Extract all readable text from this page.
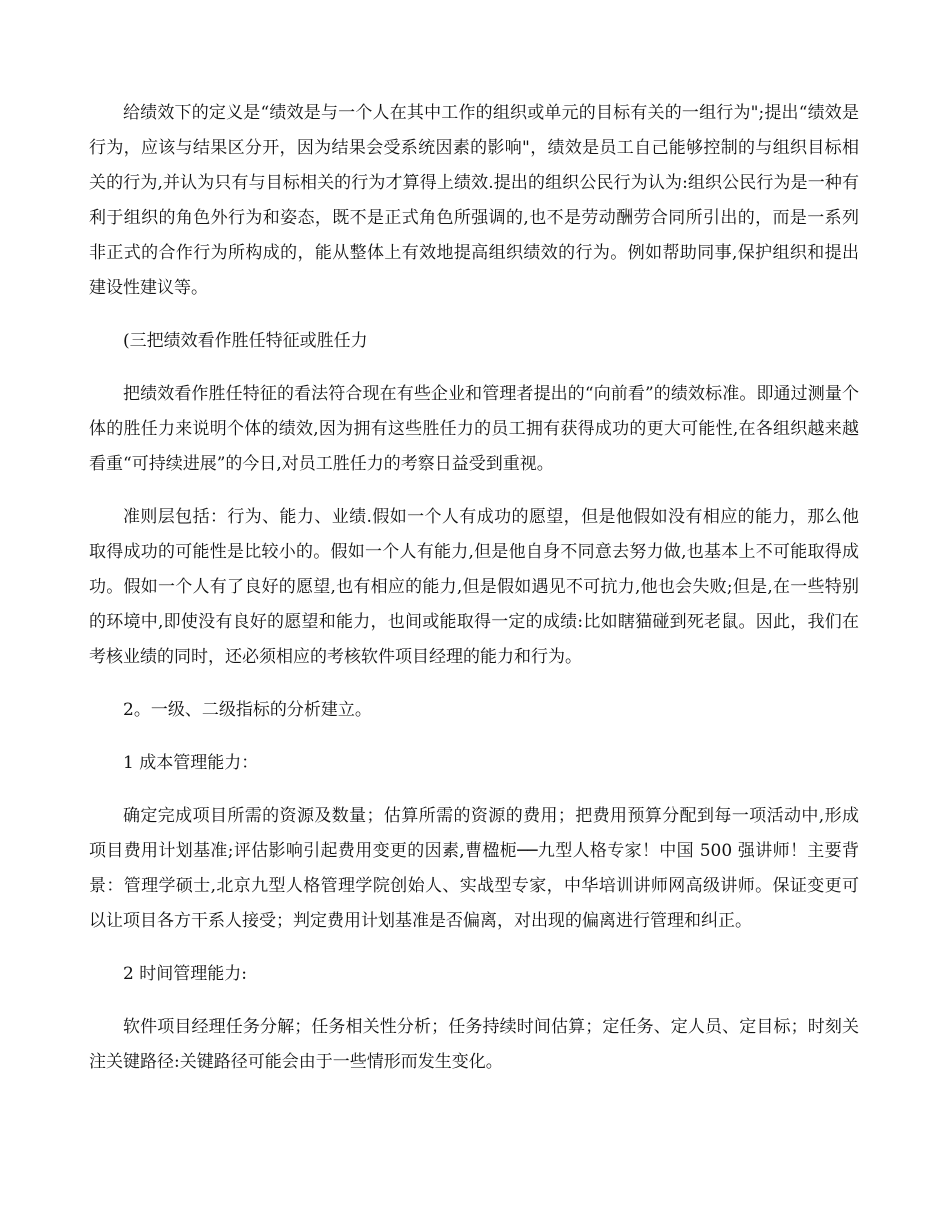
给绩效下的定义是“绩效是与一个人在其中工作的组织或单元的目标有关的一组行为";提出“绩效是行为，应该与结果区分开，因为结果会受系统因素的影响"，绩效是员工自己能够控制的与组织目标相关的行为,并认为只有与目标相关的行为才算得上绩效.提出的组织公民行为认为:组织公民行为是一种有利于组织的角色外行为和姿态，既不是正式角色所强调的,也不是劳动酬劳合同所引出的，而是一系列非正式的合作行为所构成的，能从整体上有效地提高组织绩效的行为。例如帮助同事,保护组织和提出建设性建议等。

(三把绩效看作胜任特征或胜任力

把绩效看作胜任特征的看法符合现在有些企业和管理者提出的“向前看”的绩效标准。即通过测量个体的胜任力来说明个体的绩效,因为拥有这些胜任力的员工拥有获得成功的更大可能性,在各组织越来越看重“可持续进展”的今日,对员工胜任力的考察日益受到重视。

准则层包括：行为、能力、业绩.假如一个人有成功的愿望，但是他假如没有相应的能力，那么他取得成功的可能性是比较小的。假如一个人有能力,但是他自身不同意去努力做,也基本上不可能取得成功。假如一个人有了良好的愿望,也有相应的能力,但是假如遇见不可抗力,他也会失败;但是,在一些特别的环境中,即使没有良好的愿望和能力，也间或能取得一定的成绩:比如瞎猫碰到死老鼠。因此，我们在考核业绩的同时，还必须相应的考核软件项目经理的能力和行为。

2。一级、二级指标的分析建立。

1 成本管理能力：

确定完成项目所需的资源及数量；估算所需的资源的费用；把费用预算分配到每一项活动中,形成项目费用计划基准;评估影响引起费用变更的因素,曹楹枙──九型人格专家！中国 500 强讲师！主要背景：管理学硕士,北京九型人格管理学院创始人、实战型专家，中华培训讲师网高级讲师。保证变更可以让项目各方干系人接受；判定费用计划基准是否偏离，对出现的偏离进行管理和纠正。

2 时间管理能力:

软件项目经理任务分解；任务相关性分析；任务持续时间估算；定任务、定人员、定目标；时刻关注关键路径:关键路径可能会由于一些情形而发生变化。
